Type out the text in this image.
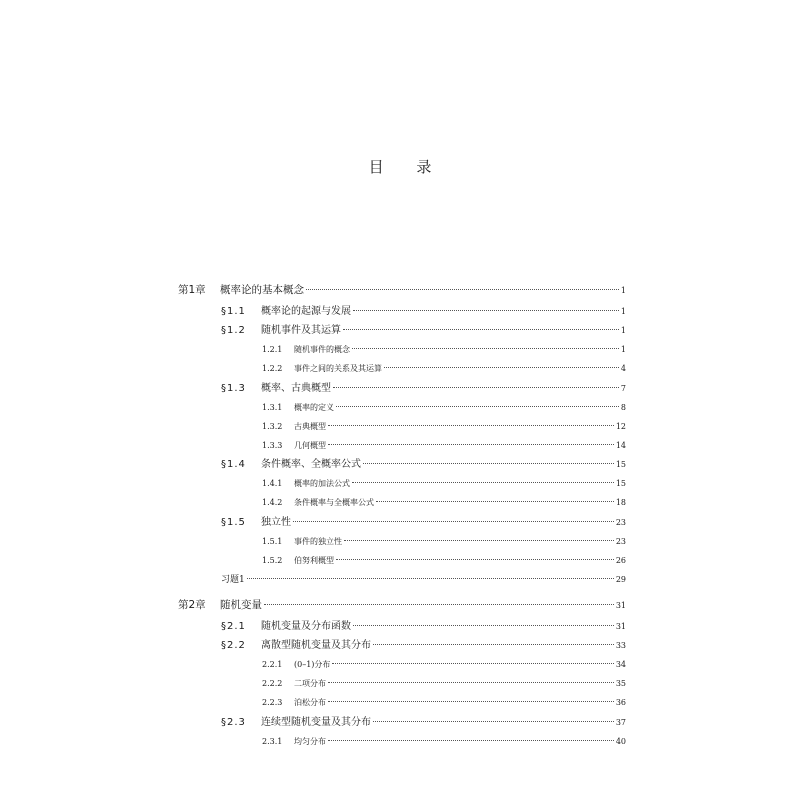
目 录
第1章	概率论的基本概念	1
§1.1	概率论的起源与发展	1
§1.2	随机事件及其运算	1
1.2.1	随机事件的概念	1
1.2.2	事件之间的关系及其运算	4
§1.3	概率、古典概型	7
1.3.1	概率的定义	8
1.3.2	古典概型	12
1.3.3	几何概型	14
§1.4	条件概率、全概率公式	15
1.4.1	概率的加法公式	15
1.4.2	条件概率与全概率公式	18
§1.5	独立性	23
1.5.1	事件的独立性	23
1.5.2	伯努利概型	26
习题1	29
第2章	随机变量	31
§2.1	随机变量及分布函数	31
§2.2	离散型随机变量及其分布	33
2.2.1	(0–1)分布	34
2.2.2	二项分布	35
2.2.3	泊松分布	36
§2.3	连续型随机变量及其分布	37
2.3.1	均匀分布	40
